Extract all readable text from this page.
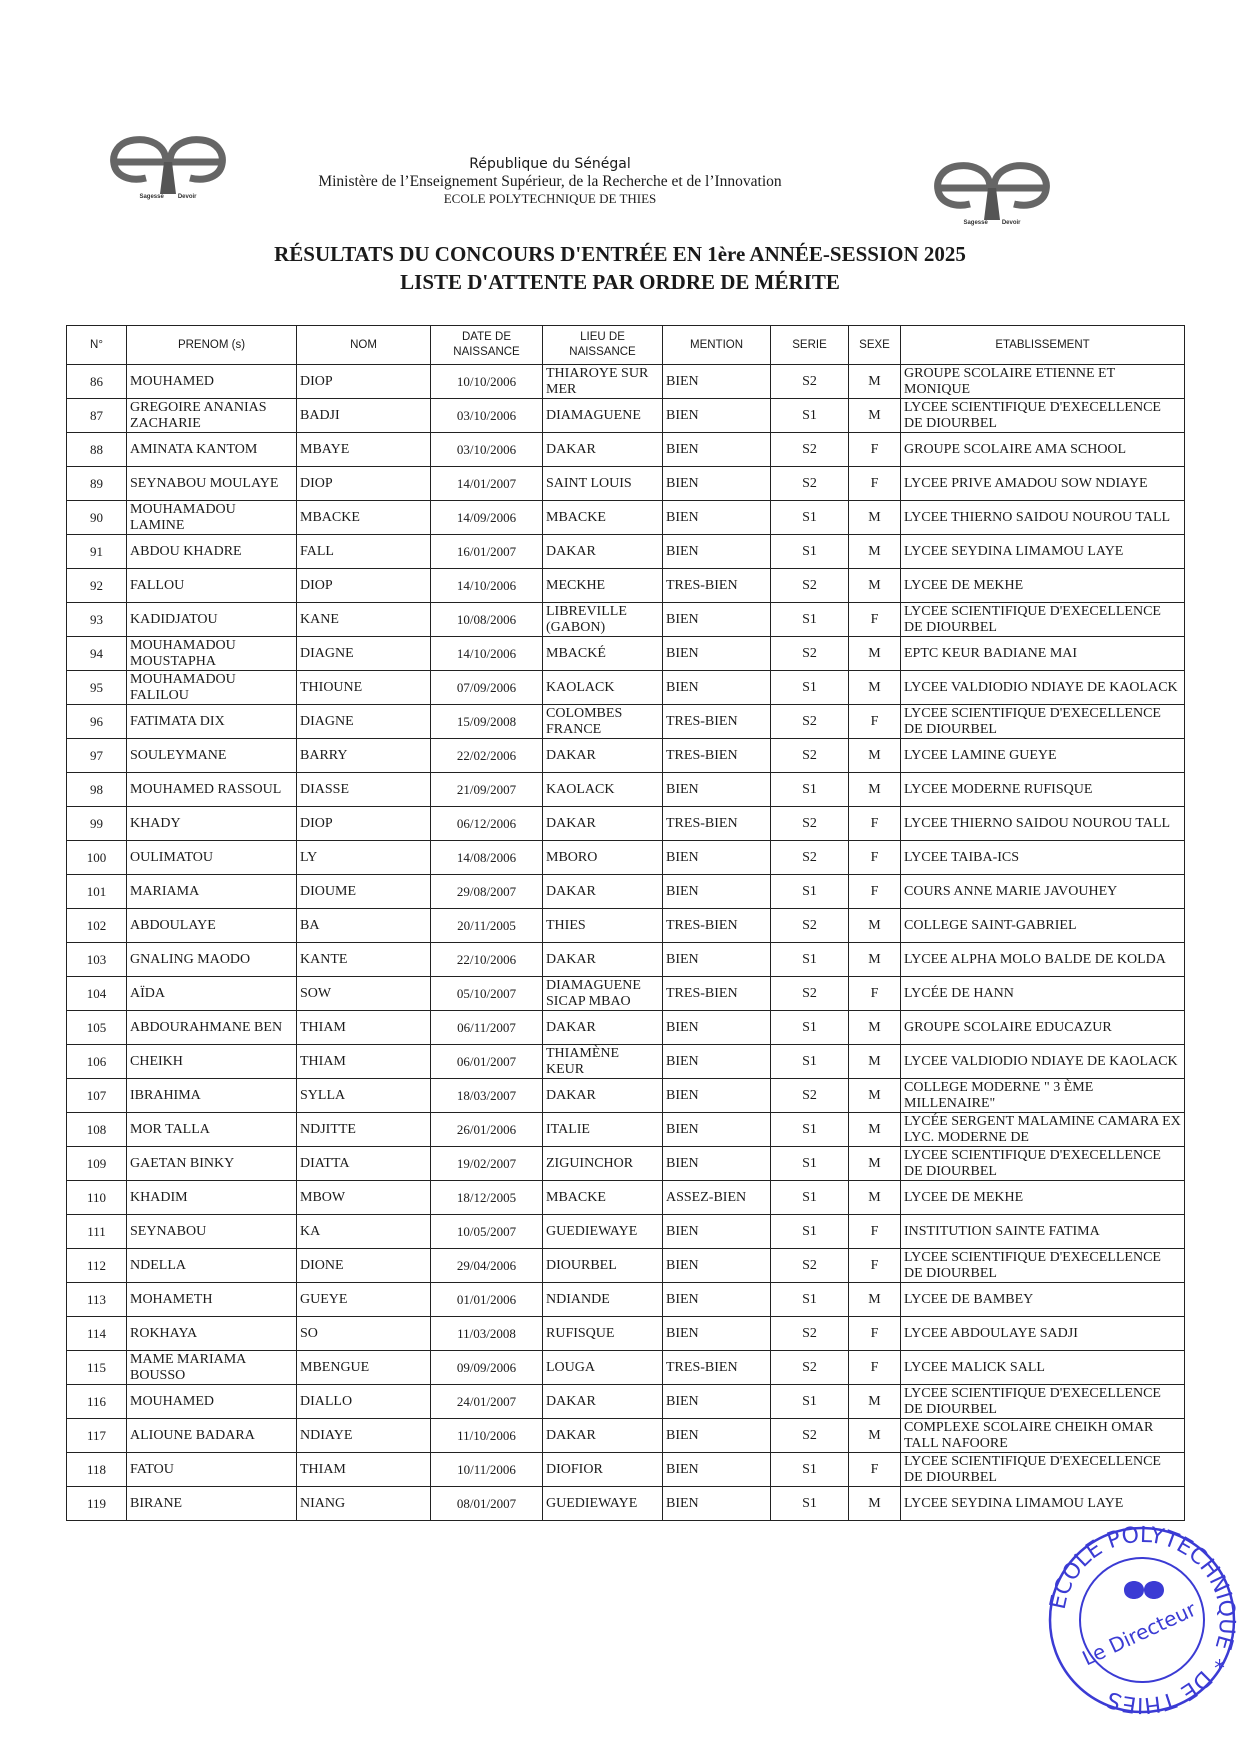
Sagesse Devoir
Sagesse Devoir
République du Sénégal
Ministère de l’Enseignement Supérieur, de la Recherche et de l’Innovation
ECOLE POLYTECHNIQUE DE THIES
RÉSULTATS DU CONCOURS D'ENTRÉE EN 1ère ANNÉE-SESSION 2025
LISTE D'ATTENTE PAR ORDRE DE MÉRITE
N°	PRENOM (s)	NOM	DATE DE NAISSANCE	LIEU DE NAISSANCE	MENTION	SERIE	SEXE	ETABLISSEMENT
86	MOUHAMED	DIOP	10/10/2006	THIAROYE SUR MER	BIEN	S2	M	GROUPE SCOLAIRE ETIENNE ET MONIQUE
87	GREGOIRE ANANIAS ZACHARIE	BADJI	03/10/2006	DIAMAGUENE	BIEN	S1	M	LYCEE SCIENTIFIQUE D'EXECELLENCE DE DIOURBEL
88	AMINATA KANTOM	MBAYE	03/10/2006	DAKAR	BIEN	S2	F	GROUPE SCOLAIRE AMA SCHOOL
89	SEYNABOU MOULAYE	DIOP	14/01/2007	SAINT LOUIS	BIEN	S2	F	LYCEE PRIVE AMADOU SOW NDIAYE
90	MOUHAMADOU LAMINE	MBACKE	14/09/2006	MBACKE	BIEN	S1	M	LYCEE THIERNO SAIDOU NOUROU TALL
91	ABDOU KHADRE	FALL	16/01/2007	DAKAR	BIEN	S1	M	LYCEE SEYDINA LIMAMOU LAYE
92	FALLOU	DIOP	14/10/2006	MECKHE	TRES-BIEN	S2	M	LYCEE DE MEKHE
93	KADIDJATOU	KANE	10/08/2006	LIBREVILLE (GABON)	BIEN	S1	F	LYCEE SCIENTIFIQUE D'EXECELLENCE DE DIOURBEL
94	MOUHAMADOU MOUSTAPHA	DIAGNE	14/10/2006	MBACKÉ	BIEN	S2	M	EPTC KEUR BADIANE MAI
95	MOUHAMADOU FALILOU	THIOUNE	07/09/2006	KAOLACK	BIEN	S1	M	LYCEE VALDIODIO NDIAYE DE KAOLACK
96	FATIMATA DIX	DIAGNE	15/09/2008	COLOMBES FRANCE	TRES-BIEN	S2	F	LYCEE SCIENTIFIQUE D'EXECELLENCE DE DIOURBEL
97	SOULEYMANE	BARRY	22/02/2006	DAKAR	TRES-BIEN	S2	M	LYCEE LAMINE GUEYE
98	MOUHAMED RASSOUL	DIASSE	21/09/2007	KAOLACK	BIEN	S1	M	LYCEE MODERNE RUFISQUE
99	KHADY	DIOP	06/12/2006	DAKAR	TRES-BIEN	S2	F	LYCEE THIERNO SAIDOU NOUROU TALL
100	OULIMATOU	LY	14/08/2006	MBORO	BIEN	S2	F	LYCEE TAIBA-ICS
101	MARIAMA	DIOUME	29/08/2007	DAKAR	BIEN	S1	F	COURS ANNE MARIE JAVOUHEY
102	ABDOULAYE	BA	20/11/2005	THIES	TRES-BIEN	S2	M	COLLEGE SAINT-GABRIEL
103	GNALING MAODO	KANTE	22/10/2006	DAKAR	BIEN	S1	M	LYCEE ALPHA MOLO BALDE DE KOLDA
104	AÏDA	SOW	05/10/2007	DIAMAGUENE SICAP MBAO	TRES-BIEN	S2	F	LYCÉE DE HANN
105	ABDOURAHMANE BEN	THIAM	06/11/2007	DAKAR	BIEN	S1	M	GROUPE SCOLAIRE EDUCAZUR
106	CHEIKH	THIAM	06/01/2007	THIAMÈNE KEUR	BIEN	S1	M	LYCEE VALDIODIO NDIAYE DE KAOLACK
107	IBRAHIMA	SYLLA	18/03/2007	DAKAR	BIEN	S2	M	COLLEGE MODERNE " 3 ÈME MILLENAIRE"
108	MOR TALLA	NDJITTE	26/01/2006	ITALIE	BIEN	S1	M	LYCÉE SERGENT MALAMINE CAMARA EX LYC. MODERNE DE
109	GAETAN BINKY	DIATTA	19/02/2007	ZIGUINCHOR	BIEN	S1	M	LYCEE SCIENTIFIQUE D'EXECELLENCE DE DIOURBEL
110	KHADIM	MBOW	18/12/2005	MBACKE	ASSEZ-BIEN	S1	M	LYCEE DE MEKHE
111	SEYNABOU	KA	10/05/2007	GUEDIEWAYE	BIEN	S1	F	INSTITUTION SAINTE FATIMA
112	NDELLA	DIONE	29/04/2006	DIOURBEL	BIEN	S2	F	LYCEE SCIENTIFIQUE D'EXECELLENCE DE DIOURBEL
113	MOHAMETH	GUEYE	01/01/2006	NDIANDE	BIEN	S1	M	LYCEE DE BAMBEY
114	ROKHAYA	SO	11/03/2008	RUFISQUE	BIEN	S2	F	LYCEE ABDOULAYE SADJI
115	MAME MARIAMA BOUSSO	MBENGUE	09/09/2006	LOUGA	TRES-BIEN	S2	F	LYCEE MALICK SALL
116	MOUHAMED	DIALLO	24/01/2007	DAKAR	BIEN	S1	M	LYCEE SCIENTIFIQUE D'EXECELLENCE DE DIOURBEL
117	ALIOUNE BADARA	NDIAYE	11/10/2006	DAKAR	BIEN	S2	M	COMPLEXE SCOLAIRE CHEIKH OMAR TALL NAFOORE
118	FATOU	THIAM	10/11/2006	DIOFIOR	BIEN	S1	F	LYCEE SCIENTIFIQUE D'EXECELLENCE DE DIOURBEL
119	BIRANE	NIANG	08/01/2007	GUEDIEWAYE	BIEN	S1	M	LYCEE SEYDINA LIMAMOU LAYE
ECOLE POLYTECHNIQUE * DE THIES
Le Directeur
